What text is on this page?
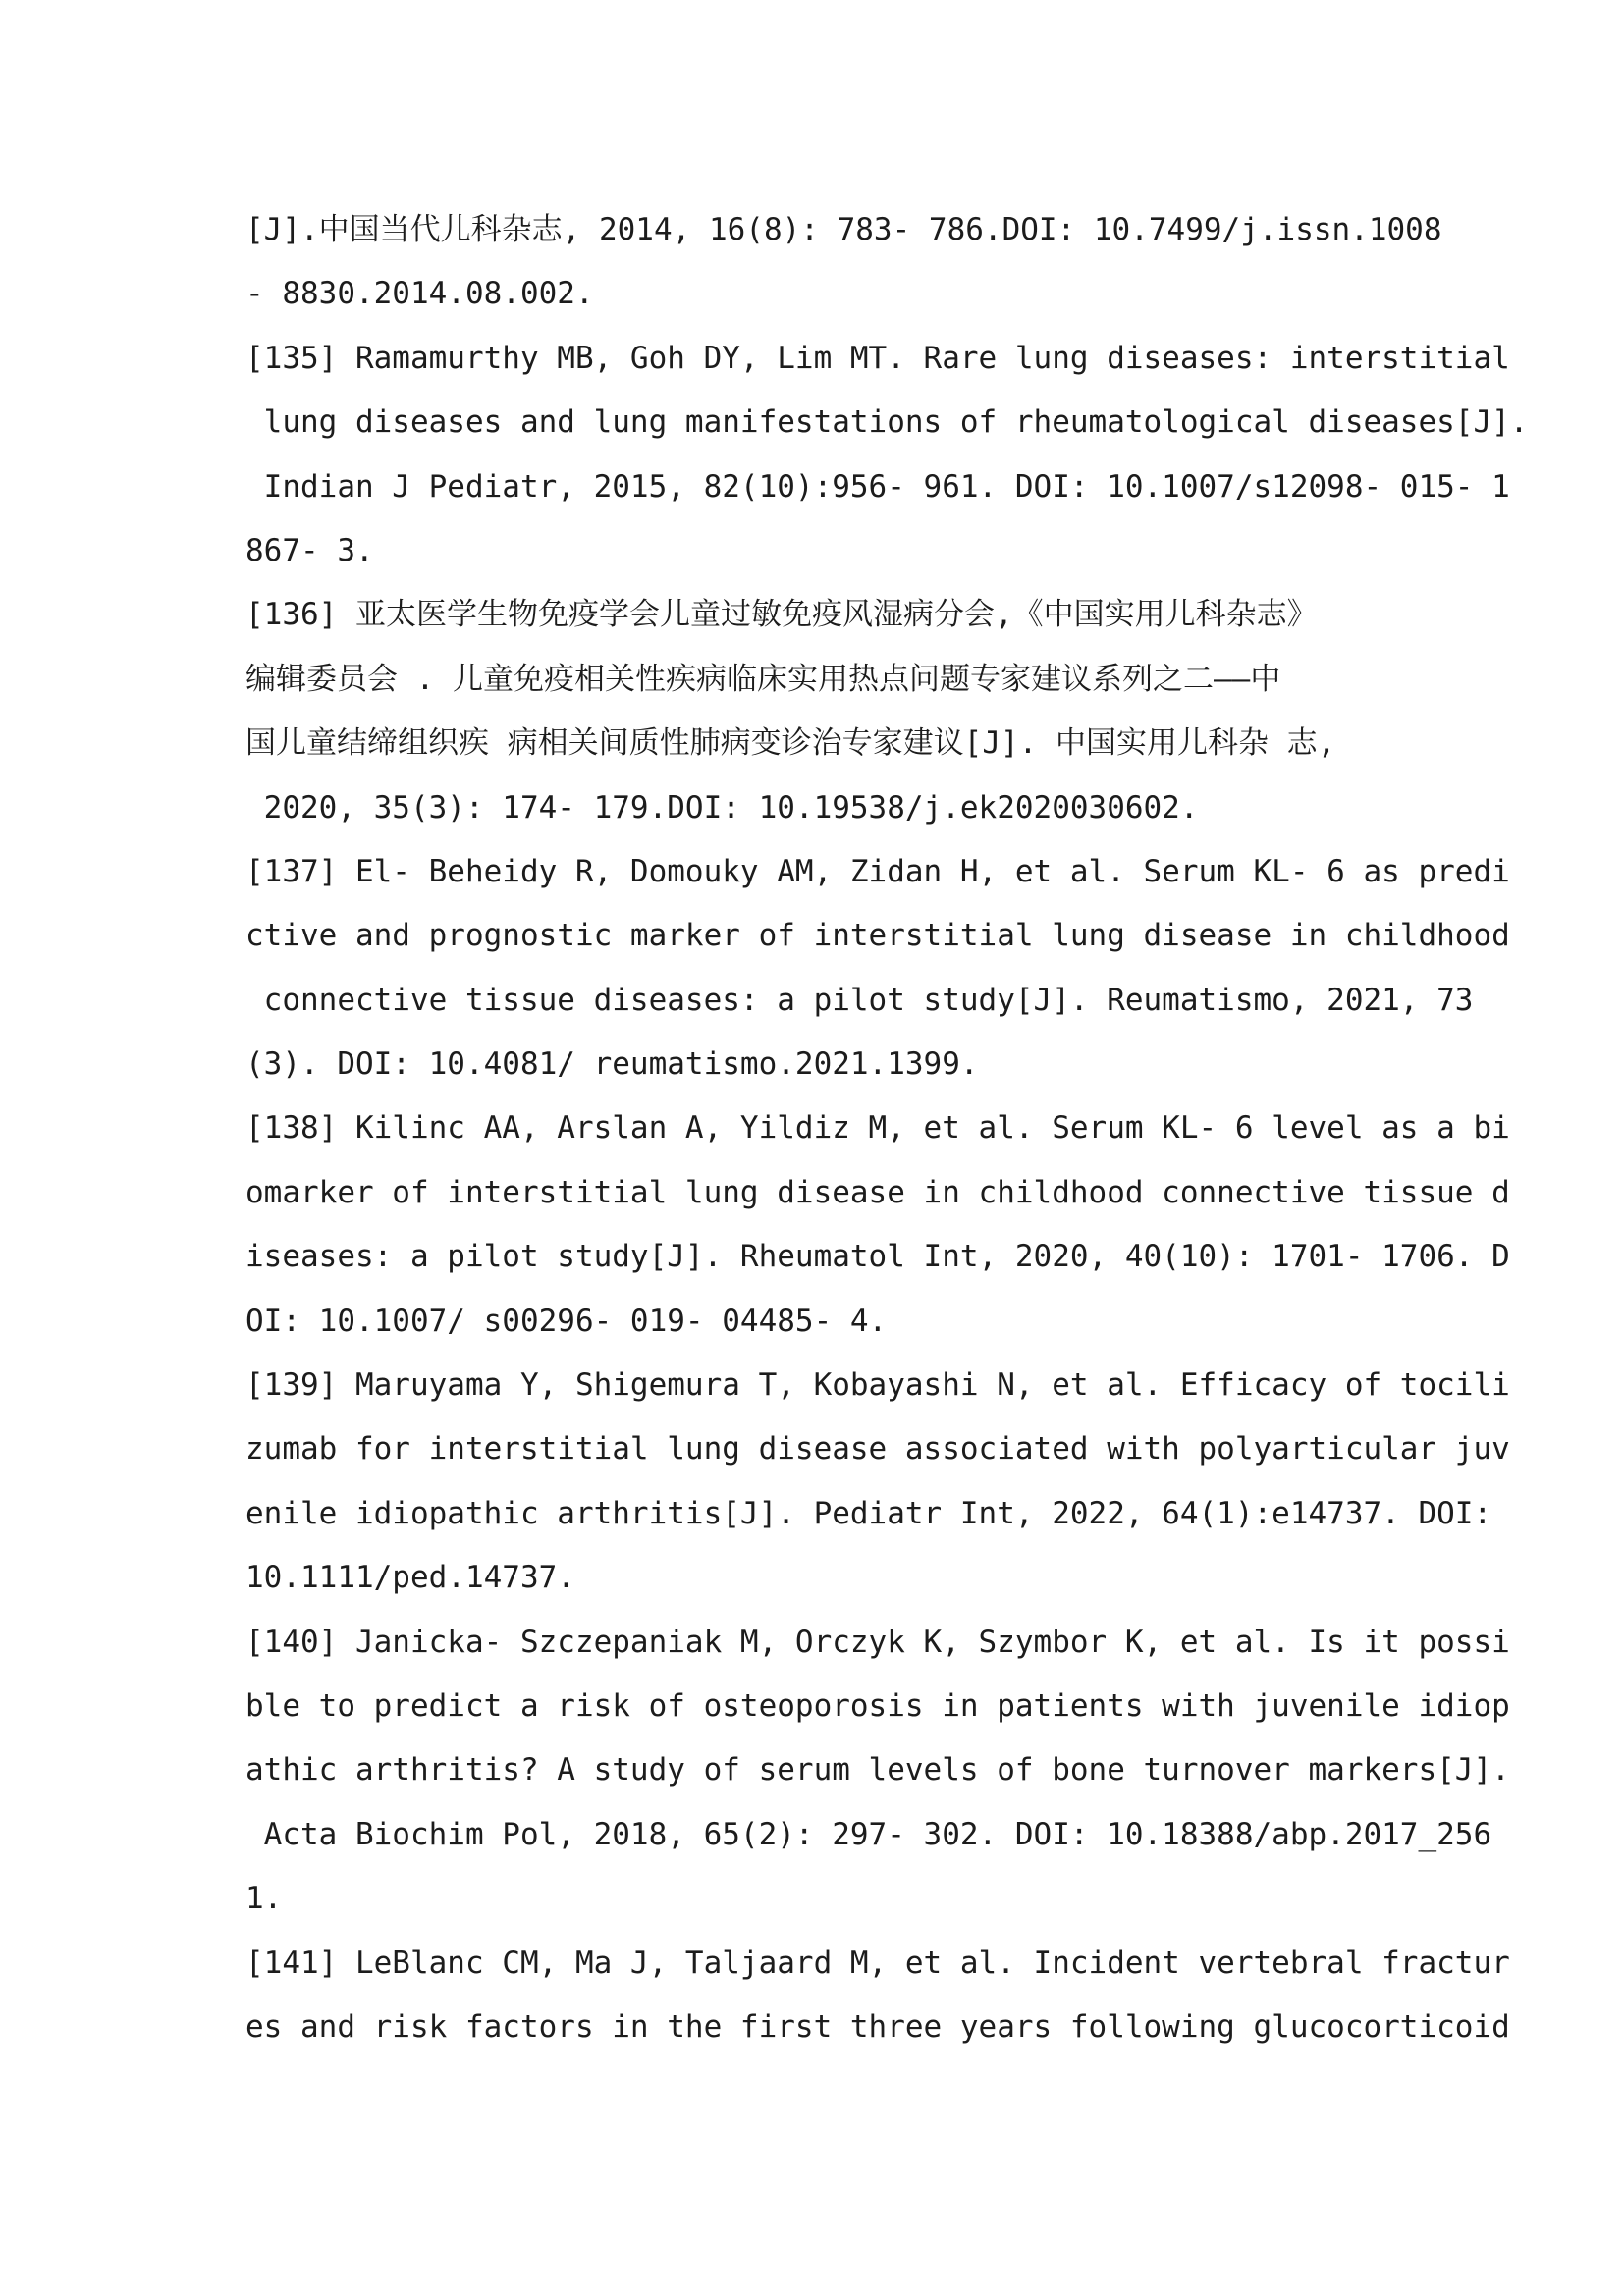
[J].中国当代儿科杂志, 2014, 16(8): 783- 786.DOI: 10.7499/j.issn.1008
- 8830.2014.08.002.
[135] Ramamurthy MB, Goh DY, Lim MT. Rare lung diseases: interstitial
lung diseases and lung manifestations of rheumatological diseases[J].
Indian J Pediatr, 2015, 82(10):956- 961. DOI: 10.1007/s12098- 015- 1
867- 3.
[136] 亚太医学生物免疫学会儿童过敏免疫风湿病分会,《中国实用儿科杂志》
编辑委员会 . 儿童免疫相关性疾病临床实用热点问题专家建议系列之二——中
国儿童结缔组织疾 病相关间质性肺病变诊治专家建议[J]. 中国实用儿科杂 志,
2020, 35(3): 174- 179.DOI: 10.19538/j.ek2020030602.
[137] El- Beheidy R, Domouky AM, Zidan H, et al. Serum KL- 6 as predi
ctive and prognostic marker of interstitial lung disease in childhood
connective tissue diseases: a pilot study[J]. Reumatismo, 2021, 73
(3). DOI: 10.4081/ reumatismo.2021.1399.
[138] Kilinc AA, Arslan A, Yildiz M, et al. Serum KL- 6 level as a bi
omarker of interstitial lung disease in childhood connective tissue d
iseases: a pilot study[J]. Rheumatol Int, 2020, 40(10): 1701- 1706. D
OI: 10.1007/ s00296- 019- 04485- 4.
[139] Maruyama Y, Shigemura T, Kobayashi N, et al. Efficacy of tocili
zumab for interstitial lung disease associated with polyarticular juv
enile idiopathic arthritis[J]. Pediatr Int, 2022, 64(1):e14737. DOI:
10.1111/ped.14737.
[140] Janicka- Szczepaniak M, Orczyk K, Szymbor K, et al. Is it possi
ble to predict a risk of osteoporosis in patients with juvenile idiop
athic arthritis? A study of serum levels of bone turnover markers[J].
Acta Biochim Pol, 2018, 65(2): 297- 302. DOI: 10.18388/abp.2017_256
1.
[141] LeBlanc CM, Ma J, Taljaard M, et al. Incident vertebral fractur
es and risk factors in the first three years following glucocorticoid
